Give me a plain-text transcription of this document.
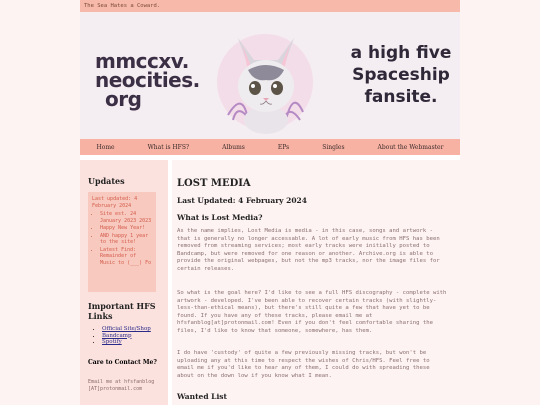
The Sea Hates a Coward.
mmccxv.
neocities.
org
a high five
Spaceship
fansite.
Home	What is HFS?	Albums	EPs	Singles	About the Webmaster
Updates
Last updated: 4 February 2024
• Site est. 24 January 2023 2023
• Happy New Year!
• AND happy 1 year to the site!
• Latest Find: Remainder of Music to (___) Fo
Important HFS Links
• Official Site/Shop
• Bandcamp
• Spotify
Care to Contact Me?
Email me at hfsfanblog [AT]protonmail.com
LOST MEDIA

Last Updated: 4 February 2024

What is Lost Media?

As the name implies, Lost Media is media - in this case, songs and artwork - that is generally no longer accessable. A lot of early music from HFS has been removed from streaming services; most early tracks were initially posted to Bandcamp, but were removed for one reason or another. Archive.org is able to provide the original webpages, but not the mp3 tracks, nor the image files for certain releases.
So what is the goal here? I'd like to see a full HFS discography - complete with artwork - developed. I've been able to recover certain tracks (with slightly-less-than-ethical means), but there's still quite a few that have yet to be found. If you have any of these tracks, please email me at hfsfanblog[at]protonmail.com! Even if you don't feel comfortable sharing the files, I'd like to know that someone, somewhere, has them.
I do have 'custody' of quite a few previously missing tracks, but won't be uploading any at this time to respect the wishes of Chris/HFS. Feel free to email me if you'd like to hear any of them, I could do with spreading these about on the down low if you know what I mean.

Wanted List
